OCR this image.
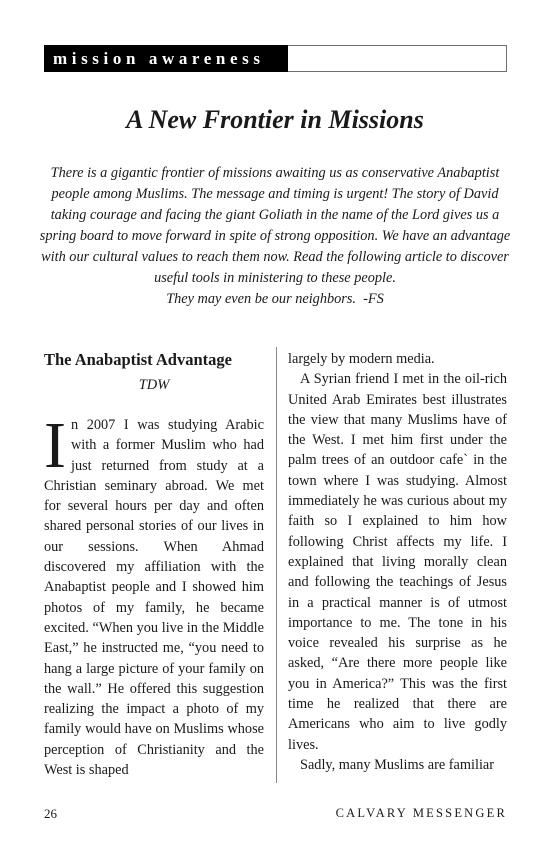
mission awareness
A New Frontier in Missions
There is a gigantic frontier of missions awaiting us as conservative Anabaptist people among Muslims. The message and timing is urgent! The story of David taking courage and facing the giant Goliath in the name of the Lord gives us a spring board to move forward in spite of strong opposition. We have an advantage with our cultural values to reach them now. Read the following article to discover useful tools in ministering to these people.
They may even be our neighbors. -FS
The Anabaptist Advantage
TDW

In 2007 I was studying Arabic with a former Muslim who had just returned from study at a Christian seminary abroad. We met for several hours per day and often shared personal stories of our lives in our sessions. When Ahmad discovered my affiliation with the Anabaptist people and I showed him photos of my family, he became excited. “When you live in the Middle East,” he instructed me, “you need to hang a large picture of your family on the wall.” He offered this suggestion realizing the impact a photo of my family would have on Muslims whose perception of Christianity and the West is shaped

largely by modern media.

A Syrian friend I met in the oil-rich United Arab Emirates best illustrates the view that many Muslims have of the West. I met him first under the palm trees of an outdoor cafe` in the town where I was studying. Almost immediately he was curious about my faith so I explained to him how following Christ affects my life. I explained that living morally clean and following the teachings of Jesus in a practical manner is of utmost importance to me. The tone in his voice revealed his surprise as he asked, “Are there more people like you in America?” This was the first time he realized that there are Americans who aim to live godly lives.

Sadly, many Muslims are familiar

26	CALVARY MESSENGER
